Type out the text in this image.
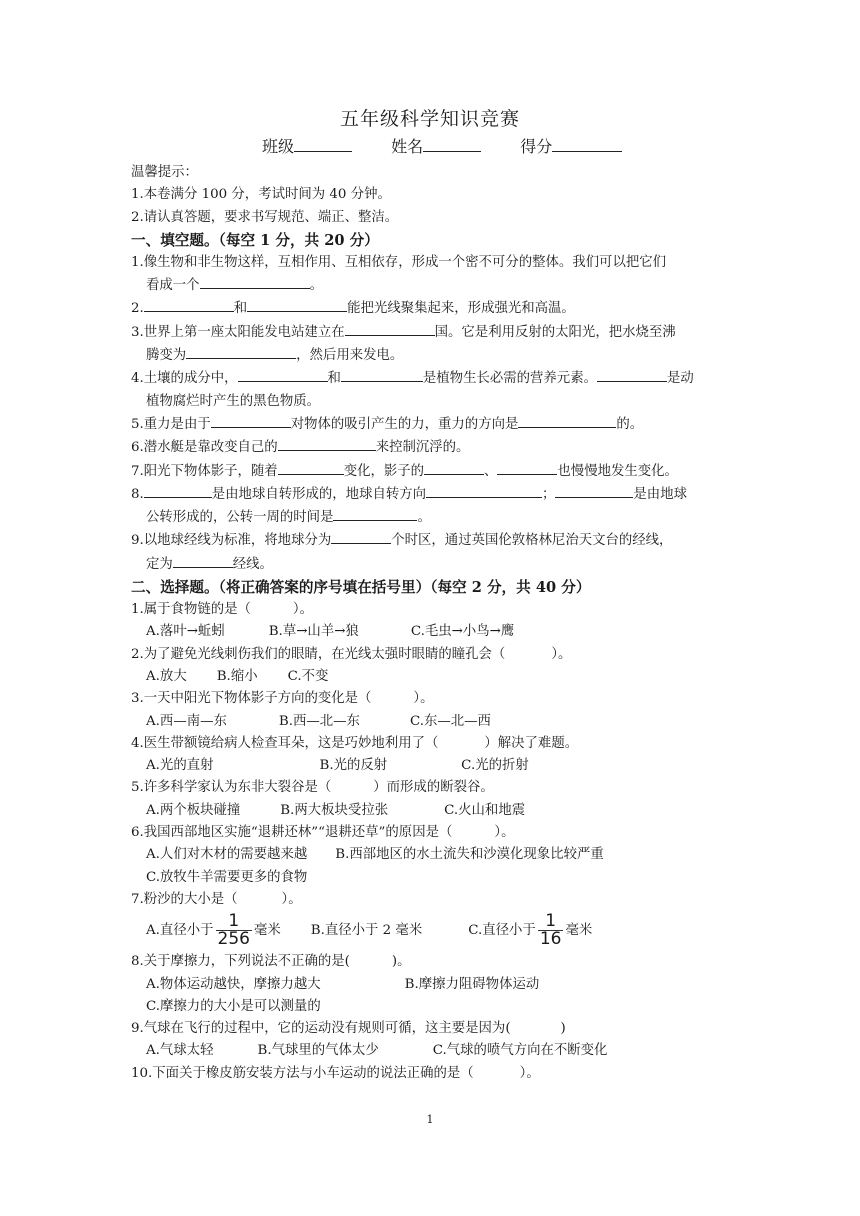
五年级科学知识竞赛
班级	姓名	得分
温馨提示：
1.本卷满分 100 分，考试时间为 40 分钟。
2.请认真答题，要求书写规范、端正、整洁。
一、填空题。（每空 1 分，共 20 分）
1.像生物和非生物这样，互相作用、互相依存，形成一个密不可分的整体。我们可以把它们
看成一个	。
2.	和	能把光线聚集起来，形成强光和高温。
3.世界上第一座太阳能发电站建立在	国。它是利用反射的太阳光，把水烧至沸
腾变为	，然后用来发电。
4.土壤的成分中，	和	是植物生长必需的营养元素。	是动
植物腐烂时产生的黑色物质。
5.重力是由于	对物体的吸引产生的力，重力的方向是	的。
6.潜水艇是靠改变自己的	来控制沉浮的。
7.阳光下物体影子，随着	变化，影子的	、	也慢慢地发生变化。
8.	是由地球自转形成的，地球自转方向	；	是由地球
公转形成的，公转一周的时间是	。
9.以地球经线为标准，将地球分为	个时区，通过英国伦敦格林尼治天文台的经线，
定为	经线。
二、选择题。（将正确答案的序号填在括号里）（每空 2 分，共 40 分）
1.属于食物链的是（	）。
A.落叶→蚯蚓	B.草→山羊→狼	C.毛虫→小鸟→鹰
2.为了避免光线刺伤我们的眼睛，在光线太强时眼睛的瞳孔会（	）。
A.放大 B.缩小 C.不变
3.一天中阳光下物体影子方向的变化是（	）。
A.西—南—东	B.西—北—东	C.东—北—西
4.医生带额镜给病人检查耳朵，这是巧妙地利用了（	）解决了难题。
A.光的直射	B.光的反射	C.光的折射
5.许多科学家认为东非大裂谷是（	）而形成的断裂谷。
A.两个板块碰撞	B.两大板块受拉张	C.火山和地震
6.我国西部地区实施“退耕还林”“退耕还草”的原因是（	）。
A.人们对木材的需要越来越 B.西部地区的水土流失和沙漠化现象比较严重
C.放牧牛羊需要更多的食物
7.粉沙的大小是（	）。
A.直径小于 $\frac{1}{256}$ 毫米 B.直径小于 2 毫米	C.直径小于 $\frac{1}{16}$ 毫米
8.关于摩擦力，下列说法不正确的是(	)。
A.物体运动越快，摩擦力越大	B.摩擦力阻碍物体运动
C.摩擦力的大小是可以测量的
9.气球在飞行的过程中，它的运动没有规则可循，这主要是因为(	)
A.气球太轻	B.气球里的气体太少	C.气球的喷气方向在不断变化
10.下面关于橡皮筋安装方法与小车运动的说法正确的是（	）。
1
